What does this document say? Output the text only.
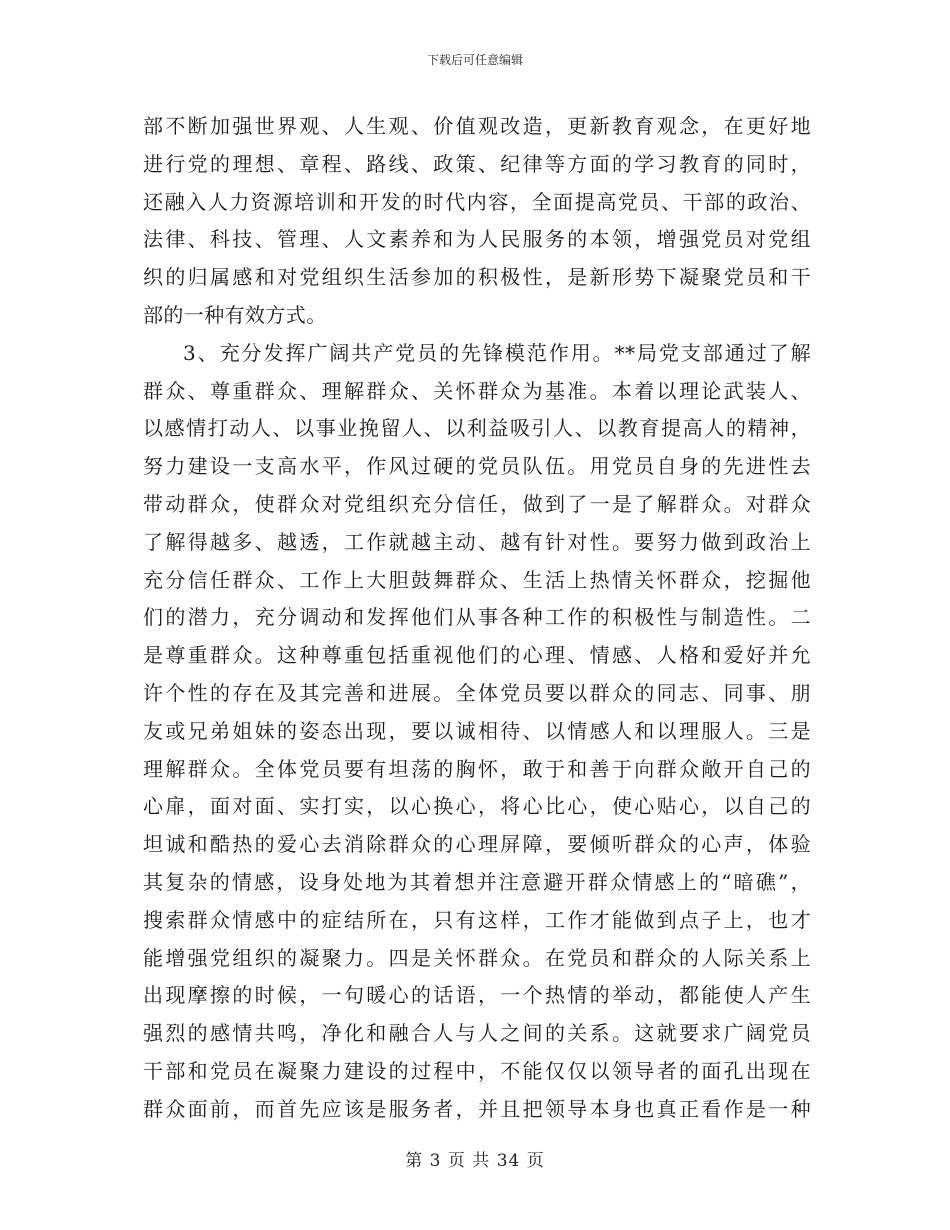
下载后可任意编辑
部不断加强世界观、人生观、价值观改造，更新教育观念，在更好地
进行党的理想、章程、路线、政策、纪律等方面的学习教育的同时，
还融入人力资源培训和开发的时代内容，全面提高党员、干部的政治、
法律、科技、管理、人文素养和为人民服务的本领，增强党员对党组
织的归属感和对党组织生活参加的积极性，是新形势下凝聚党员和干
部的一种有效方式。
3、充分发挥广阔共产党员的先锋模范作用。**局党支部通过了解
群众、尊重群众、理解群众、关怀群众为基准。本着以理论武装人、
以感情打动人、以事业挽留人、以利益吸引人、以教育提高人的精神，
努力建设一支高水平，作风过硬的党员队伍。用党员自身的先进性去
带动群众，使群众对党组织充分信任，做到了一是了解群众。对群众
了解得越多、越透，工作就越主动、越有针对性。要努力做到政治上
充分信任群众、工作上大胆鼓舞群众、生活上热情关怀群众，挖掘他
们的潜力，充分调动和发挥他们从事各种工作的积极性与制造性。二
是尊重群众。这种尊重包括重视他们的心理、情感、人格和爱好并允
许个性的存在及其完善和进展。全体党员要以群众的同志、同事、朋
友或兄弟姐妹的姿态出现，要以诚相待、以情感人和以理服人。三是
理解群众。全体党员要有坦荡的胸怀，敢于和善于向群众敞开自己的
心扉，面对面、实打实，以心换心，将心比心，使心贴心，以自己的
坦诚和酷热的爱心去消除群众的心理屏障，要倾听群众的心声，体验
其复杂的情感，设身处地为其着想并注意避开群众情感上的“暗礁”，
搜索群众情感中的症结所在，只有这样，工作才能做到点子上，也才
能增强党组织的凝聚力。四是关怀群众。在党员和群众的人际关系上
出现摩擦的时候，一句暖心的话语，一个热情的举动，都能使人产生
强烈的感情共鸣，净化和融合人与人之间的关系。这就要求广阔党员
干部和党员在凝聚力建设的过程中，不能仅仅以领导者的面孔出现在
群众面前，而首先应该是服务者，并且把领导本身也真正看作是一种
第 3 页 共 34 页
